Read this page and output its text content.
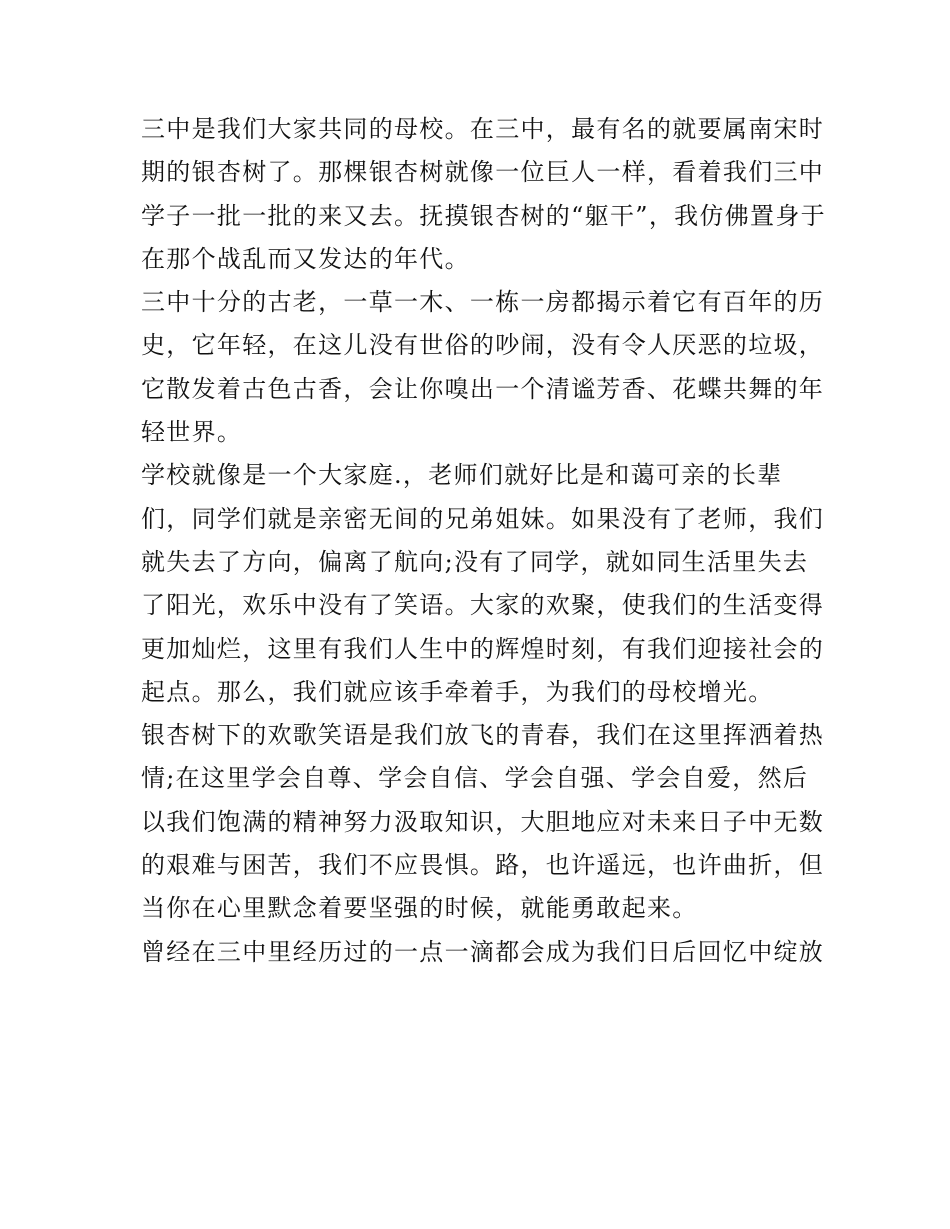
三中是我们大家共同的母校。在三中，最有名的就要属南宋时
期的银杏树了。那棵银杏树就像一位巨人一样，看着我们三中
学子一批一批的来又去。抚摸银杏树的“躯干”，我仿佛置身于
在那个战乱而又发达的年代。
三中十分的古老，一草一木、一栋一房都揭示着它有百年的历
史，它年轻，在这儿没有世俗的吵闹，没有令人厌恶的垃圾，
它散发着古色古香，会让你嗅出一个清谧芳香、花蝶共舞的年
轻世界。
学校就像是一个大家庭.，老师们就好比是和蔼可亲的长辈
们，同学们就是亲密无间的兄弟姐妹。如果没有了老师，我们
就失去了方向，偏离了航向;没有了同学，就如同生活里失去
了阳光，欢乐中没有了笑语。大家的欢聚，使我们的生活变得
更加灿烂，这里有我们人生中的辉煌时刻，有我们迎接社会的
起点。那么，我们就应该手牵着手，为我们的母校增光。
银杏树下的欢歌笑语是我们放飞的青春，我们在这里挥洒着热
情;在这里学会自尊、学会自信、学会自强、学会自爱，然后
以我们饱满的精神努力汲取知识，大胆地应对未来日子中无数
的艰难与困苦，我们不应畏惧。路，也许遥远，也许曲折，但
当你在心里默念着要坚强的时候，就能勇敢起来。
曾经在三中里经历过的一点一滴都会成为我们日后回忆中绽放
